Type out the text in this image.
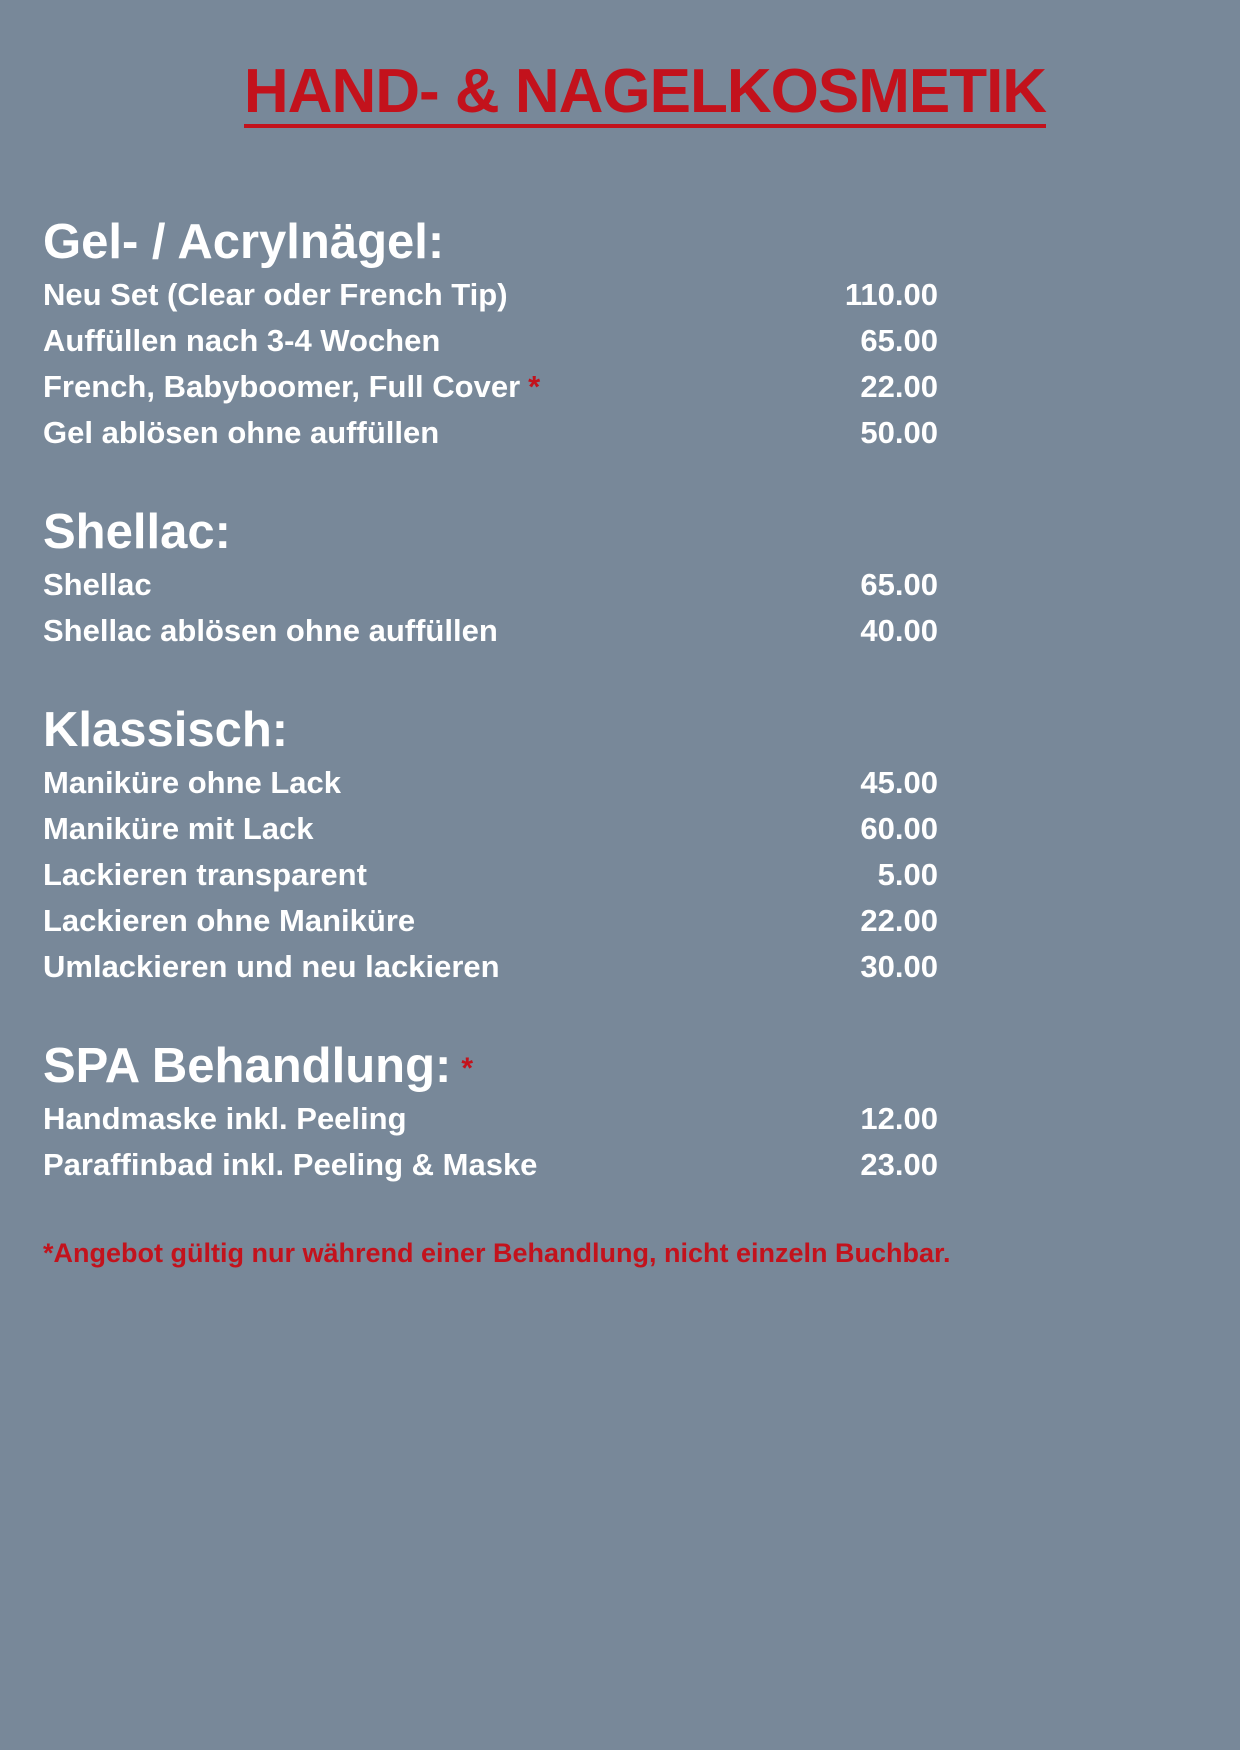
HAND- & NAGELKOSMETIK
Gel- / Acrylnägel:
Neu Set (Clear oder French Tip)	110.00
Auffüllen nach 3-4 Wochen	65.00
French, Babyboomer, Full Cover *	22.00
Gel ablösen ohne auffüllen	50.00
Shellac:
Shellac	65.00
Shellac ablösen ohne auffüllen	40.00
Klassisch:
Maniküre ohne Lack	45.00
Maniküre mit Lack	60.00
Lackieren transparent	5.00
Lackieren ohne Maniküre	22.00
Umlackieren und neu lackieren	30.00
SPA Behandlung: *
Handmaske inkl. Peeling	12.00
Paraffinbad inkl. Peeling & Maske	23.00

*Angebot gültig nur während einer Behandlung, nicht einzeln Buchbar.
